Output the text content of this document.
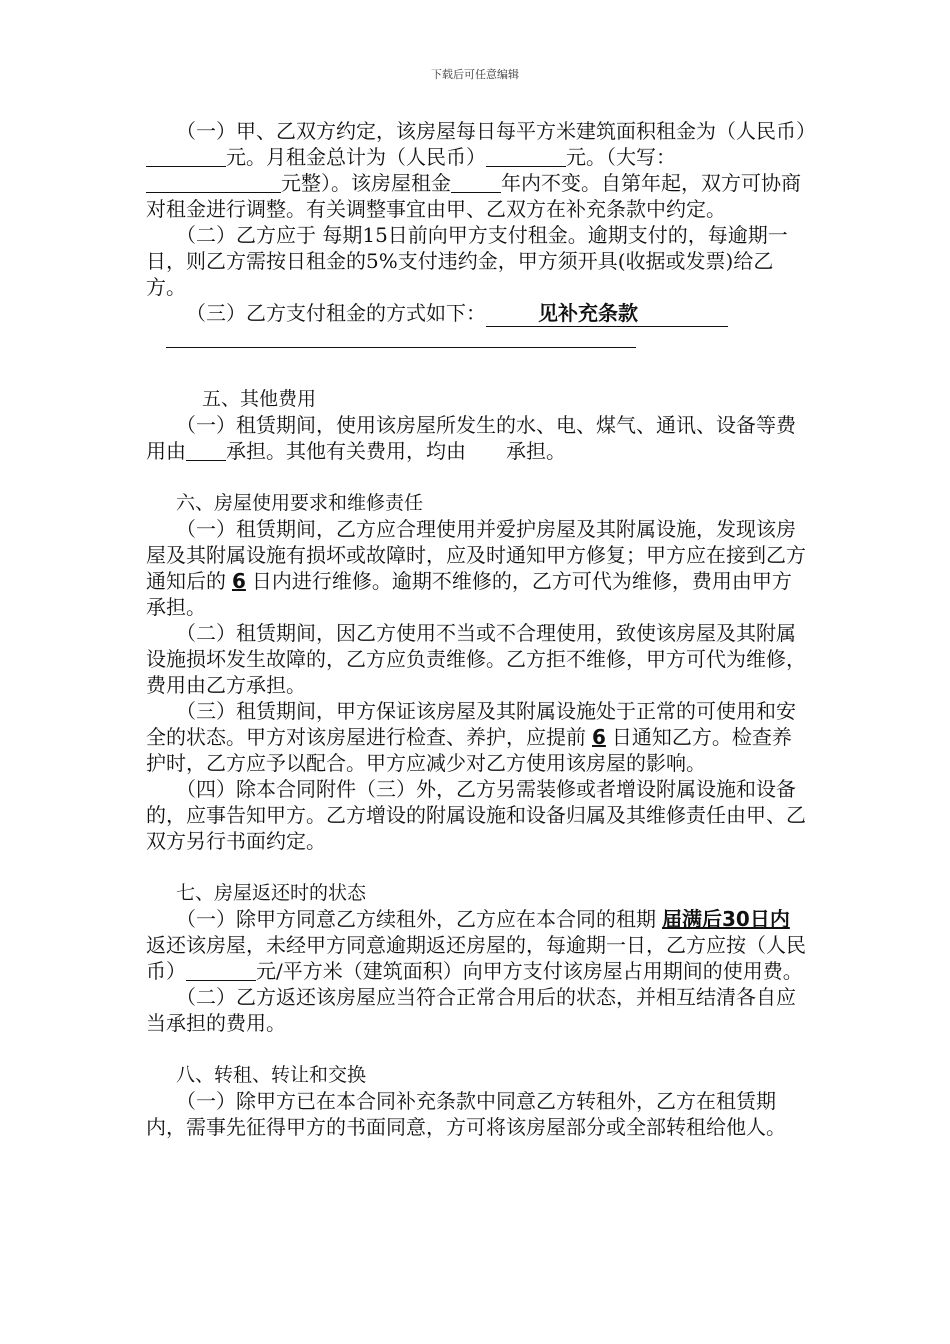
下载后可任意编辑

（一）甲、乙双方约定，该房屋每日每平方米建筑面积租金为（人民币）元。月租金总计为（人民币）	元。（大写：元整）。该房屋租金	年内不变。自第年起，双方可协商对租金进行调整。有关调整事宜由甲、乙双方在补充条款中约定。

（二）乙方应于 每期15日前向甲方支付租金。逾期支付的，每逾期一日，则乙方需按日租金的5%支付违约金，甲方须开具(收据或发票)给乙方。

（三）乙方支付租金的方式如下：	见补充条款

五、其他费用

（一）租赁期间，使用该房屋所发生的水、电、煤气、通讯、设备等费用由 承担。其他有关费用，均由 承担。

六、房屋使用要求和维修责任

（一）租赁期间，乙方应合理使用并爱护房屋及其附属设施，发现该房屋及其附属设施有损坏或故障时，应及时通知甲方修复；甲方应在接到乙方通知后的 6 日内进行维修。逾期不维修的，乙方可代为维修，费用由甲方承担。

（二）租赁期间，因乙方使用不当或不合理使用，致使该房屋及其附属设施损坏发生故障的，乙方应负责维修。乙方拒不维修，甲方可代为维修，费用由乙方承担。

（三）租赁期间，甲方保证该房屋及其附属设施处于正常的可使用和安全的状态。甲方对该房屋进行检查、养护，应提前 6 日通知乙方。检查养护时，乙方应予以配合。甲方应减少对乙方使用该房屋的影响。

（四）除本合同附件（三）外，乙方另需装修或者增设附属设施和设备的，应事告知甲方。乙方增设的附属设施和设备归属及其维修责任由甲、乙双方另行书面约定。

七、房屋返还时的状态

（一）除甲方同意乙方续租外，乙方应在本合同的租期 届满后30日内返还该房屋，未经甲方同意逾期返还房屋的，每逾期一日，乙方应按（人民币）	元/平方米（建筑面积）向甲方支付该房屋占用期间的使用费。

（二）乙方返还该房屋应当符合正常合用后的状态，并相互结清各自应当承担的费用。

八、转租、转让和交换

（一）除甲方已在本合同补充条款中同意乙方转租外，乙方在租赁期内，需事先征得甲方的书面同意，方可将该房屋部分或全部转租给他人。
